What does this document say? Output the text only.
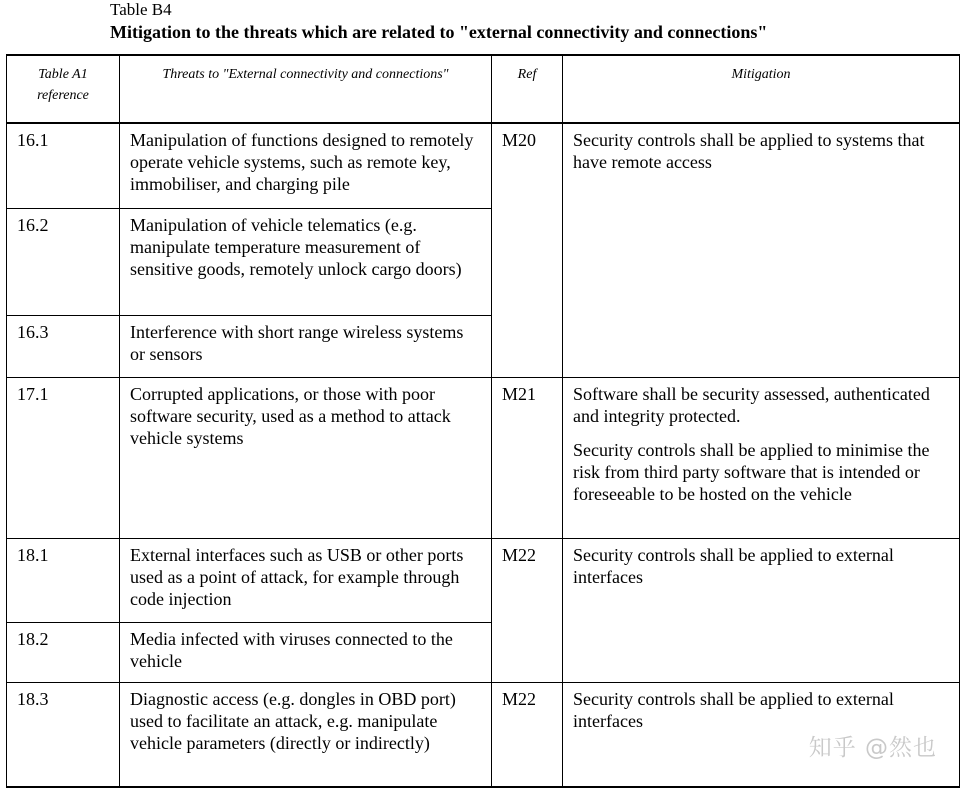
Table B4
Mitigation to the threats which are related to "external connectivity and connections"
Table A1 reference	Threats to "External connectivity and connections"	Ref	Mitigation
16.1	Manipulation of functions designed to remotely operate vehicle systems, such as remote key, immobiliser, and charging pile	M20	Security controls shall be applied to systems that have remote access

16.2	Manipulation of vehicle telematics (e.g. manipulate temperature measurement of sensitive goods, remotely unlock cargo doors)		
16.3	Interference with short range wireless systems or sensors		
17.1	Corrupted applications, or those with poor software security, used as a method to attack vehicle systems	M21	Software shall be security assessed, authenticated and integrity protected.

Security controls shall be applied to minimise the risk from third party software that is intended or foreseeable to be hosted on the vehicle

18.1	External interfaces such as USB or other ports used as a point of attack, for example through code injection	M22	Security controls shall be applied to external interfaces

18.2	Media infected with viruses connected to the vehicle		
18.3	Diagnostic access (e.g. dongles in OBD port) used to facilitate an attack, e.g. manipulate vehicle parameters (directly or indirectly)	M22	Security controls shall be applied to external interfaces

知乎 @然也
